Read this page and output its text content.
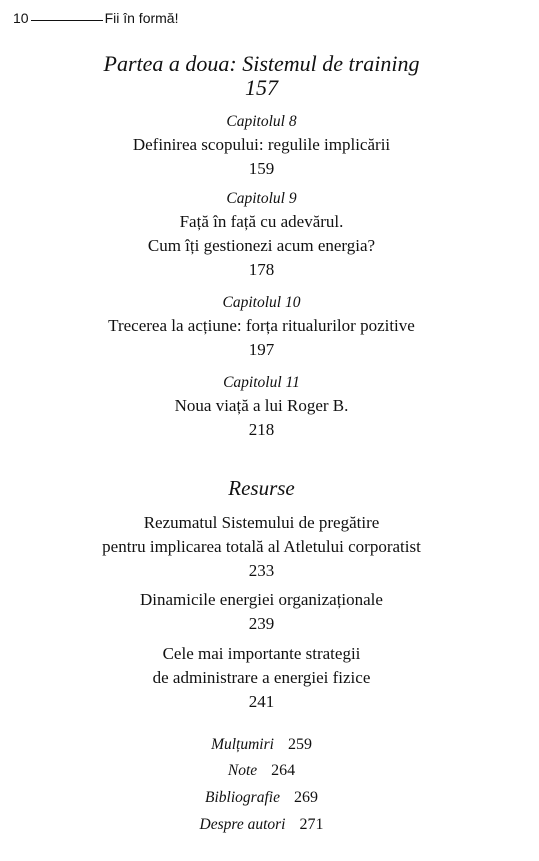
10	Fii în formă!
Partea a doua: Sistemul de training
157
Capitolul 8
Definirea scopului: regulile implicării
159
Capitolul 9
Față în față cu adevărul.
Cum îți gestionezi acum energia?
178
Capitolul 10
Trecerea la acțiune: forța ritualurilor pozitive
197
Capitolul 11
Noua viață a lui Roger B.
218
Resurse
Rezumatul Sistemului de pregătire
pentru implicarea totală al Atletului corporatist
233
Dinamicile energiei organizaționale
239
Cele mai importante strategii
de administrare a energiei fizice
241
Mulțumiri 259
Note 264
Bibliografie 269
Despre autori 271
